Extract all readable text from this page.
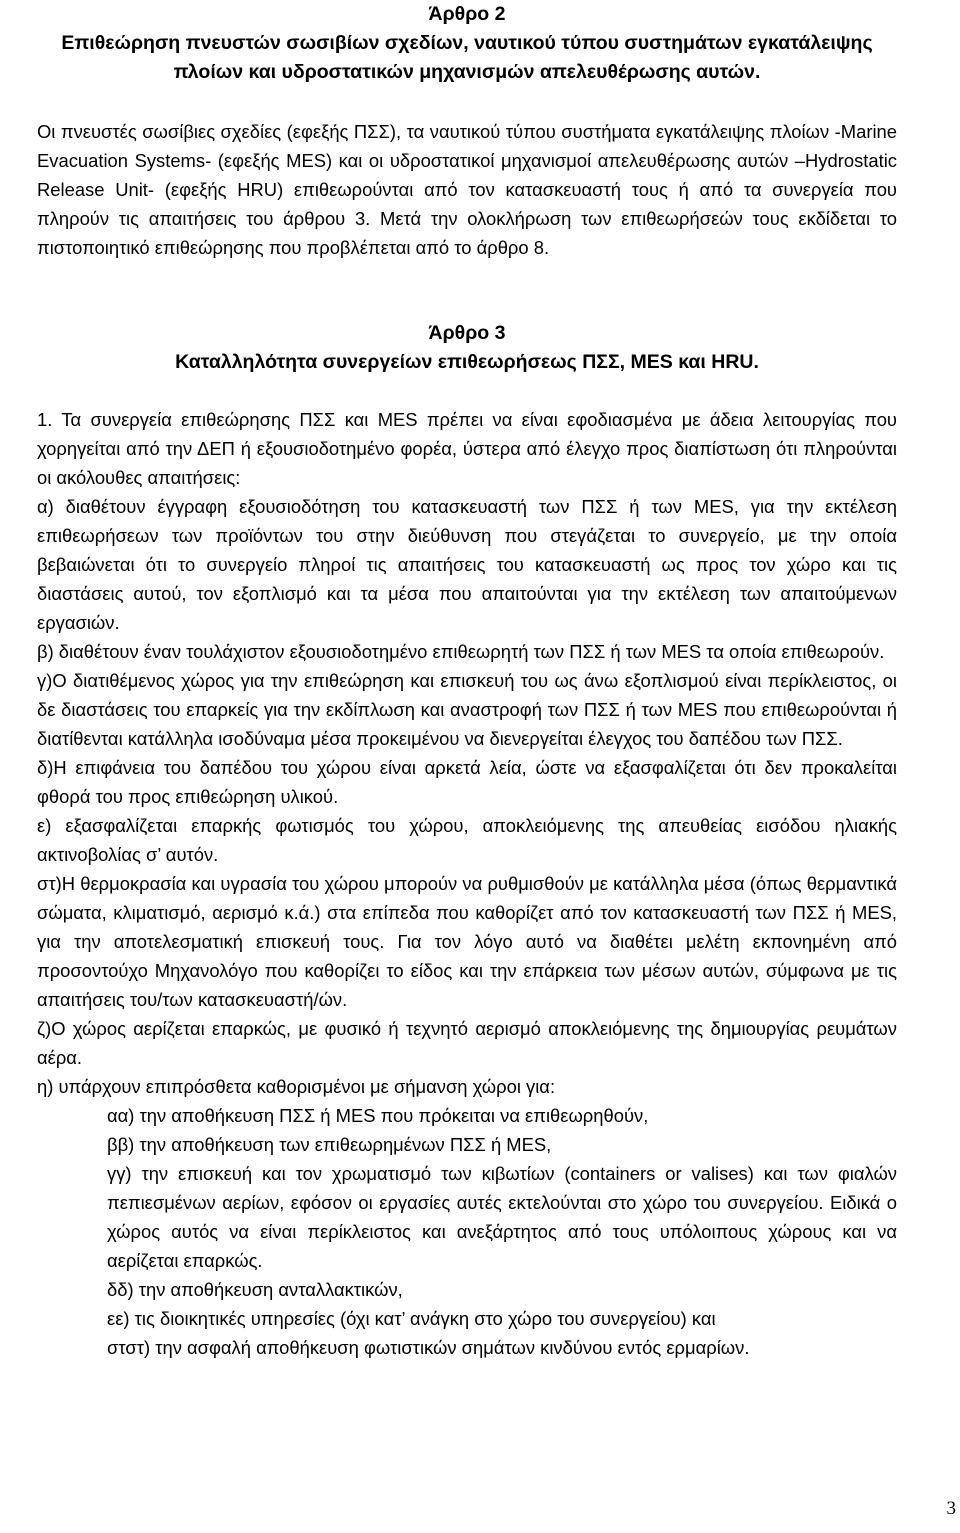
Άρθρο 2

Επιθεώρηση πνευστών σωσιβίων σχεδίων, ναυτικού τύπου συστημάτων εγκατάλειψης

πλοίων και υδροστατικών μηχανισμών απελευθέρωσης αυτών.

Οι πνευστές σωσίβιες σχεδίες (εφεξής ΠΣΣ), τα ναυτικού τύπου συστήματα εγκατάλειψης πλοίων -Marine Evacuation Systems- (εφεξής MES) και οι υδροστατικοί μηχανισμοί απελευθέρωσης αυτών –Hydrostatic Release Unit- (εφεξής HRU) επιθεωρούνται από τον κατασκευαστή τους ή από τα συνεργεία που πληρούν τις απαιτήσεις του άρθρου 3. Μετά την ολοκλήρωση των επιθεωρήσεών τους εκδίδεται το πιστοποιητικό επιθεώρησης που προβλέπεται από το άρθρο 8.

Άρθρο 3

Καταλληλότητα συνεργείων επιθεωρήσεως ΠΣΣ, MES και HRU.

1. Τα συνεργεία επιθεώρησης ΠΣΣ και MES πρέπει να είναι εφοδιασμένα με άδεια λειτουργίας που χορηγείται από την ΔΕΠ ή εξουσιοδοτημένο φορέα, ύστερα από έλεγχο προς διαπίστωση ότι πληρούνται οι ακόλουθες απαιτήσεις:

α) διαθέτουν έγγραφη εξουσιοδότηση του κατασκευαστή των ΠΣΣ ή των MES, για την εκτέλεση επιθεωρήσεων των προϊόντων του στην διεύθυνση που στεγάζεται το συνεργείο, με την οποία βεβαιώνεται ότι το συνεργείο πληροί τις απαιτήσεις του κατασκευαστή ως προς τον χώρο και τις διαστάσεις αυτού, τον εξοπλισμό και τα μέσα που απαιτούνται για την εκτέλεση των απαιτούμενων εργασιών.

β) διαθέτουν έναν τουλάχιστον εξουσιοδοτημένο επιθεωρητή των ΠΣΣ ή των MES τα οποία επιθεωρούν.

γ)Ο διατιθέμενος χώρος για την επιθεώρηση και επισκευή του ως άνω εξοπλισμού είναι περίκλειστος, οι δε διαστάσεις του επαρκείς για την εκδίπλωση και αναστροφή των ΠΣΣ ή των MES που επιθεωρούνται ή διατίθενται κατάλληλα ισοδύναμα μέσα προκειμένου να διενεργείται έλεγχος του δαπέδου των ΠΣΣ.

δ)Η επιφάνεια του δαπέδου του χώρου είναι αρκετά λεία, ώστε να εξασφαλίζεται ότι δεν προκαλείται φθορά του προς επιθεώρηση υλικού.

ε) εξασφαλίζεται επαρκής φωτισμός του χώρου, αποκλειόμενης της απευθείας εισόδου ηλιακής ακτινοβολίας σ’ αυτόν.

στ)Η θερμοκρασία και υγρασία του χώρου μπορούν να ρυθμισθούν με κατάλληλα μέσα (όπως θερμαντικά σώματα, κλιματισμό, αερισμό κ.ά.) στα επίπεδα που καθορίζετ από τον κατασκευαστή των ΠΣΣ ή MES, για την αποτελεσματική επισκευή τους. Για τον λόγο αυτό να διαθέτει μελέτη εκπονημένη από προσοντούχο Μηχανολόγο που καθορίζει το είδος και την επάρκεια των μέσων αυτών, σύμφωνα με τις απαιτήσεις του/των κατασκευαστή/ών.

ζ)Ο χώρος αερίζεται επαρκώς, με φυσικό ή τεχνητό αερισμό αποκλειόμενης της δημιουργίας ρευμάτων αέρα.

η) υπάρχουν επιπρόσθετα καθορισμένοι με σήμανση χώροι για:

αα) την αποθήκευση ΠΣΣ ή MES που πρόκειται να επιθεωρηθούν,

ββ) την αποθήκευση των επιθεωρημένων ΠΣΣ ή MES,

γγ) την επισκευή και τον χρωματισμό των κιβωτίων (containers or valises) και των φιαλών πεπιεσμένων αερίων, εφόσον οι εργασίες αυτές εκτελούνται στο χώρο του συνεργείου. Ειδικά ο χώρος αυτός να είναι περίκλειστος και ανεξάρτητος από τους υπόλοιπους χώρους και να αερίζεται επαρκώς.

δδ) την αποθήκευση ανταλλακτικών,

εε) τις διοικητικές υπηρεσίες (όχι κατ’ ανάγκη στο χώρο του συνεργείου) και

στστ) την ασφαλή αποθήκευση φωτιστικών σημάτων κινδύνου εντός ερμαρίων.

3
